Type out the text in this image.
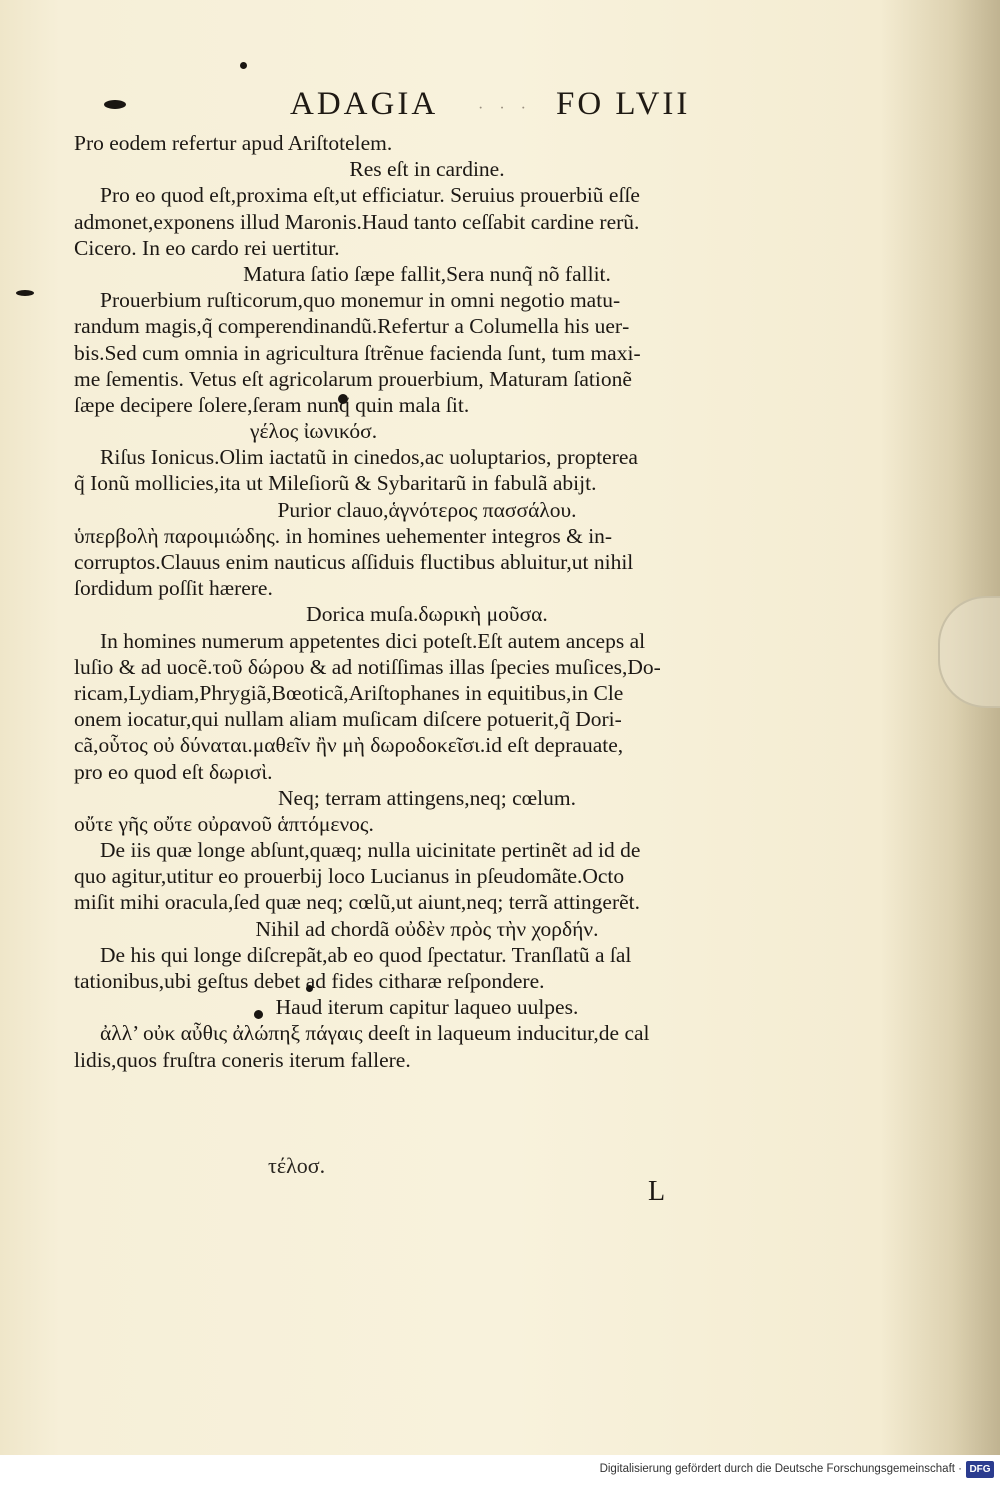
ADAGIA · · · FO LVII
Pro eodem refertur apud Ariſtotelem.
Res eſt in cardine.
Pro eo quod eſt,proxima eſt,ut efficiatur. Seruius prouerbiũ eſſe
admonet,exponens illud Maronis.Haud tanto ceſſabit cardine rerũ.
Cicero. In eo cardo rei uertitur.
Matura ſatio ſæpe fallit,Sera nunq̃ nõ fallit.
Prouerbium ruſticorum,quo monemur in omni negotio matu‑
randum magis,q̃ comperendinandũ.Refertur a Columella his uer‑
bis.Sed cum omnia in agricultura ſtrẽnue facienda ſunt, tum maxi‑
me ſementis. Vetus eſt agricolarum prouerbium, Maturam ſationẽ
ſæpe decipere ſolere,ſeram nunq̃ quin mala ſit.
γέλος ἰωνικόσ.
Riſus Ionicus.Olim iactatũ in cinedos,ac uoluptarios, propterea
q̃ Ionũ mollicies,ita ut Mileſiorũ & Sybaritarũ in fabulã abijt.
Purior clauo,ἁγνότερος πασσάλου.
ὑπερβολὴ παροιμιώδης. in homines uehementer integros & in‑
corruptos.Clauus enim nauticus aſſiduis fluctibus abluitur,ut nihil
ſordidum poſſit hærere.
Dorica muſa.δωρικὴ μοῦσα.
In homines numerum appetentes dici poteſt.Eſt autem anceps al
luſio & ad uocẽ.τοῦ δώρου & ad notiſſimas illas ſpecies muſices,Do‑
ricam,Lydiam,Phrygiã,Bœoticã,Ariſtophanes in equitibus,in Cle
onem iocatur,qui nullam aliam muſicam diſcere potuerit,q̃ Dori‑
cã,οὗτος οὐ δύναται.μαθεῖν ἢν μὴ δωροδοκεῖσι.id eſt deprauate,
pro eo quod eſt δωρισὶ.
Neq; terram attingens,neq; cœlum.
οὔτε γῆς οὔτε οὐρανοῦ ἁπτόμενος.
De iis quæ longe abſunt,quæq; nulla uicinitate pertinẽt ad id de
quo agitur,utitur eo prouerbĳ loco Lucianus in pſeudomãte.Octo
miſit mihi oracula,ſed quæ neq; cœlũ,ut aiunt,neq; terrã attingerẽt.
Nihil ad chordã οὐδὲν πρὸς τὴν χορδήν.
De his qui longe diſcrepãt,ab eo quod ſpectatur. Tranſlatũ a ſal
tationibus,ubi geſtus debet ad fides citharæ reſpondere.
Haud iterum capitur laqueo uulpes.
ἀλλ’ οὐκ αὖθις ἀλώπηξ πάγαις deeſt in laqueum inducitur,de cal
lidis,quos fruſtra coneris iterum fallere.
τέλοσ.
L
Digitalisierung gefördert durch die Deutsche Forschungsgemeinschaft · DFG
